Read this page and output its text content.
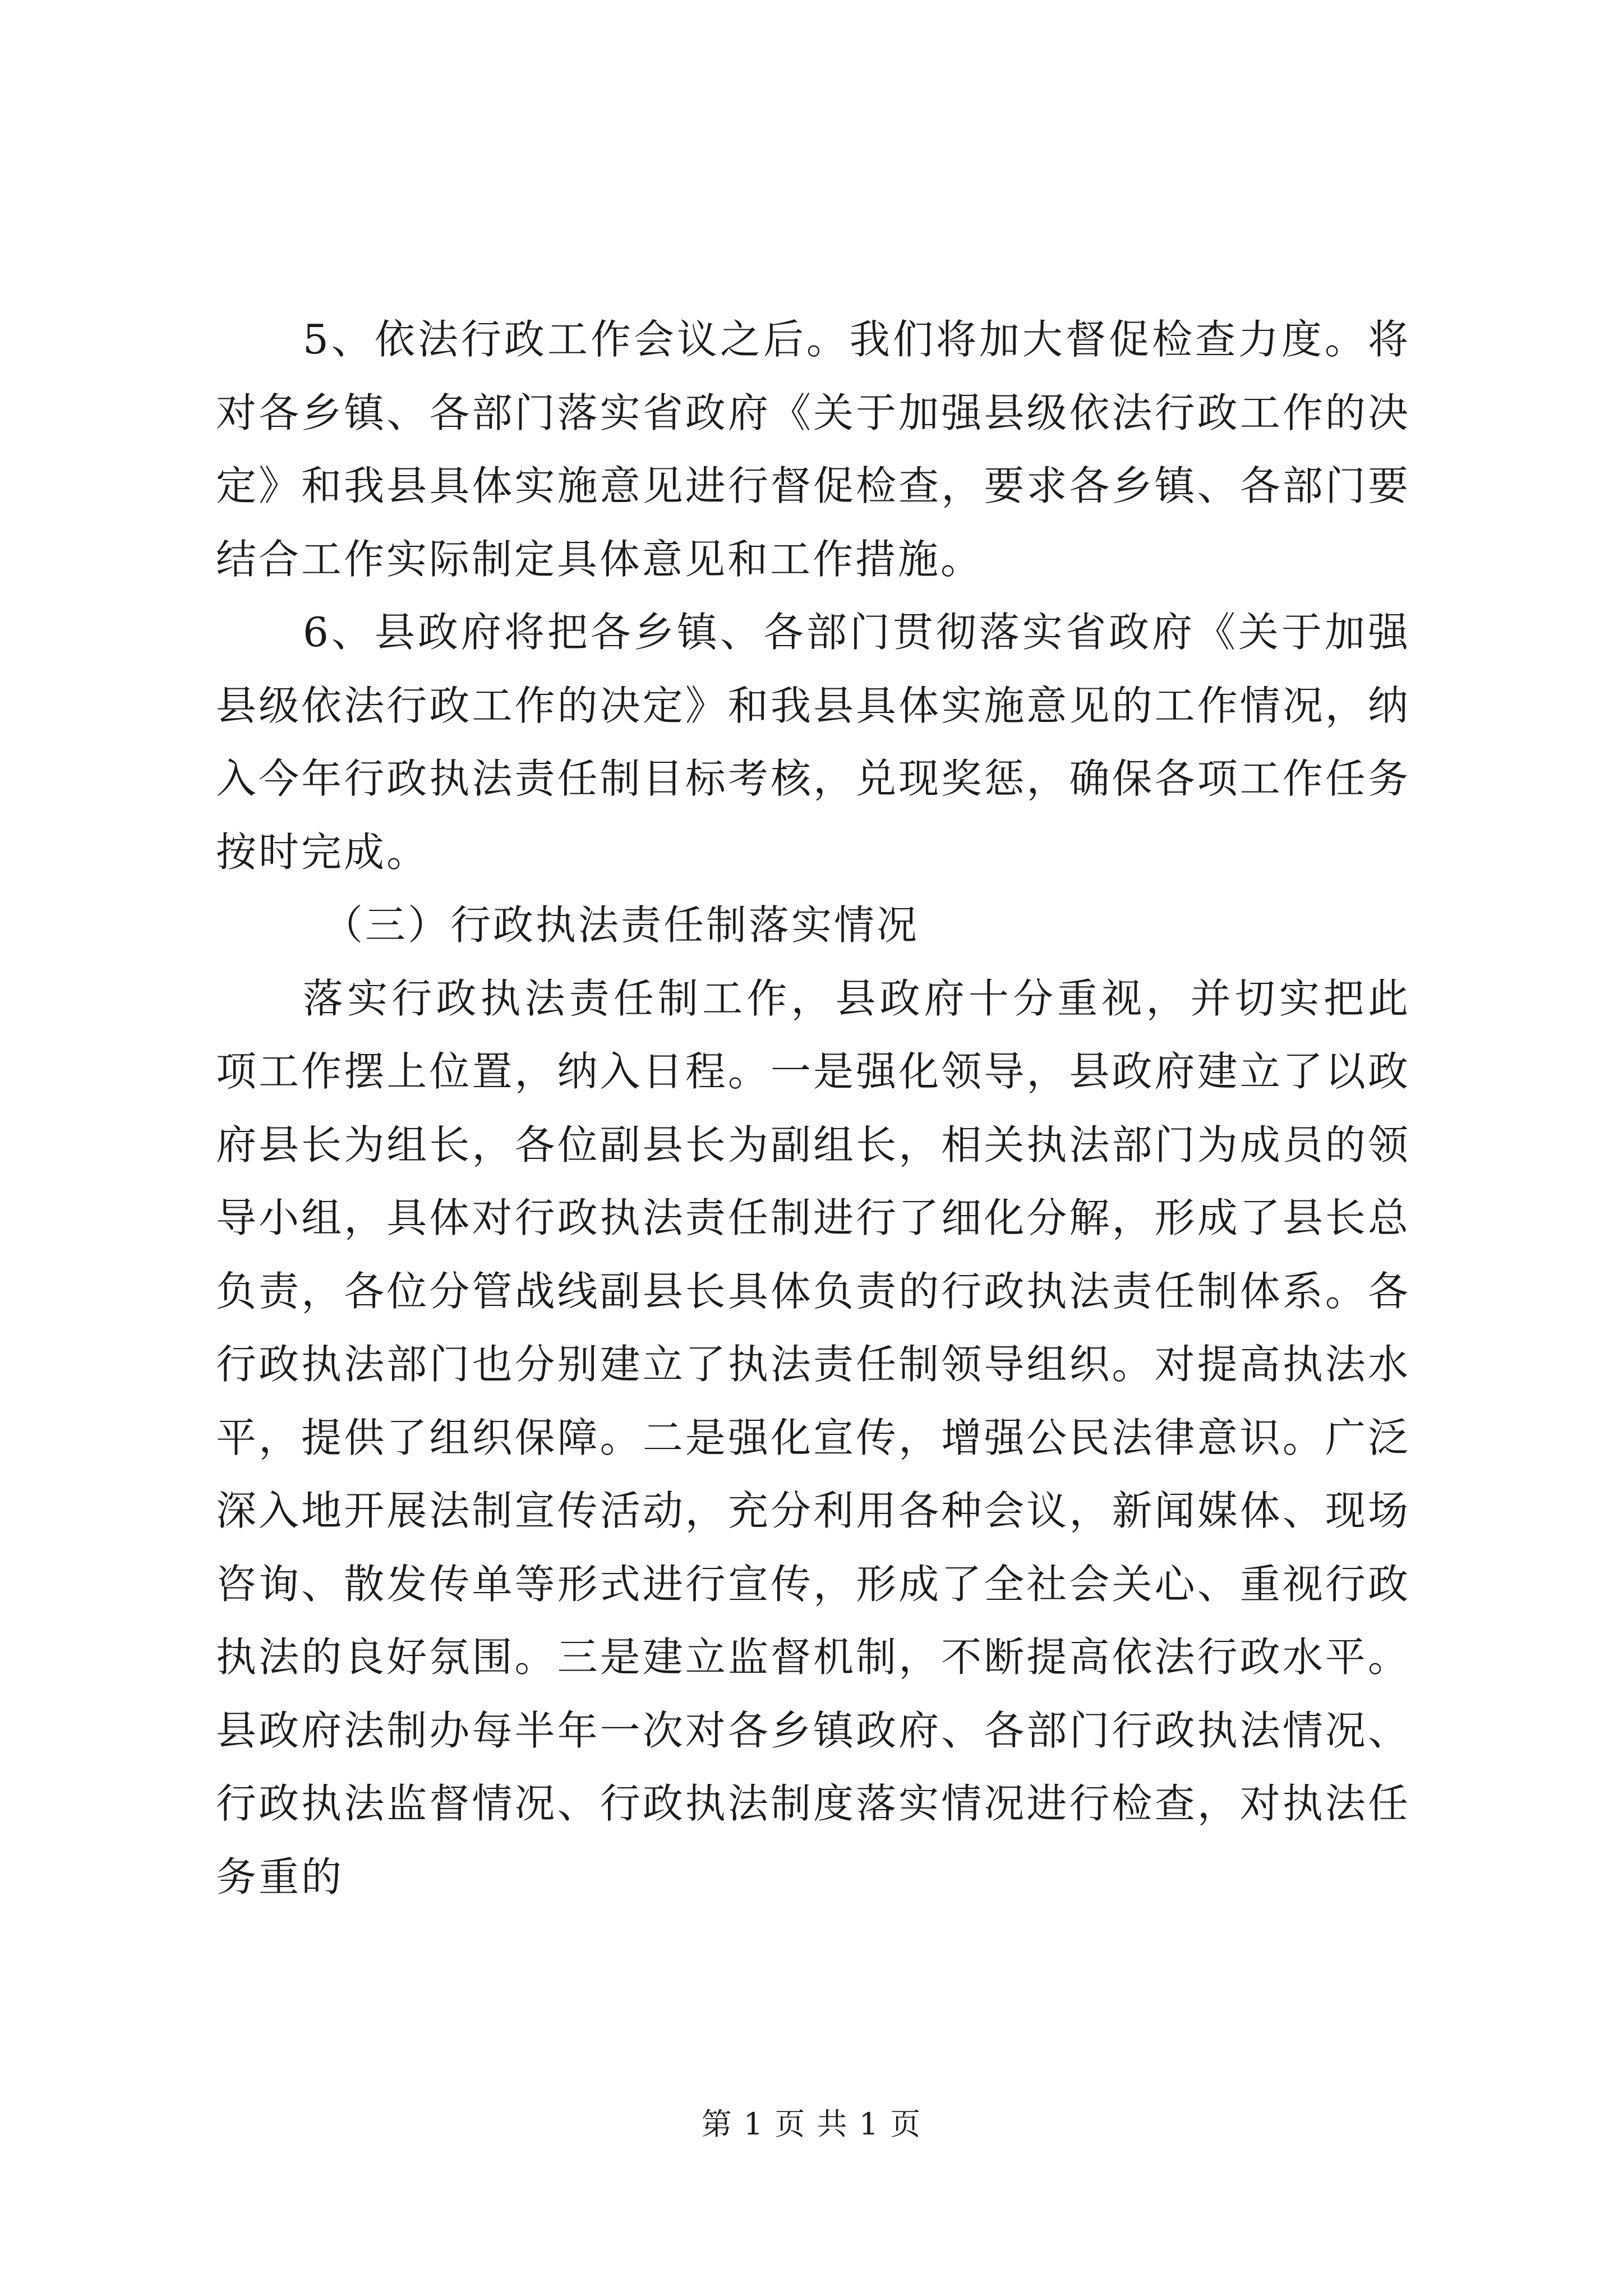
5、依法行政工作会议之后。我们将加大督促检查力度。将对各乡镇、各部门落实省政府《关于加强县级依法行政工作的决定》和我县具体实施意见进行督促检查，要求各乡镇、各部门要结合工作实际制定具体意见和工作措施。

6、县政府将把各乡镇、各部门贯彻落实省政府《关于加强县级依法行政工作的决定》和我县具体实施意见的工作情况，纳入今年行政执法责任制目标考核，兑现奖惩，确保各项工作任务按时完成。

（三）行政执法责任制落实情况

落实行政执法责任制工作，县政府十分重视，并切实把此项工作摆上位置，纳入日程。一是强化领导，县政府建立了以政府县长为组长，各位副县长为副组长，相关执法部门为成员的领导小组，具体对行政执法责任制进行了细化分解，形成了县长总负责，各位分管战线副县长具体负责的行政执法责任制体系。各行政执法部门也分别建立了执法责任制领导组织。对提高执法水平，提供了组织保障。二是强化宣传，增强公民法律意识。广泛深入地开展法制宣传活动，充分利用各种会议，新闻媒体、现场咨询、散发传单等形式进行宣传，形成了全社会关心、重视行政执法的良好氛围。三是建立监督机制，不断提高依法行政水平。县政府法制办每半年一次对各乡镇政府、各部门行政执法情况、行政执法监督情况、行政执法制度落实情况进行检查，对执法任务重的

第 1 页 共 1 页
